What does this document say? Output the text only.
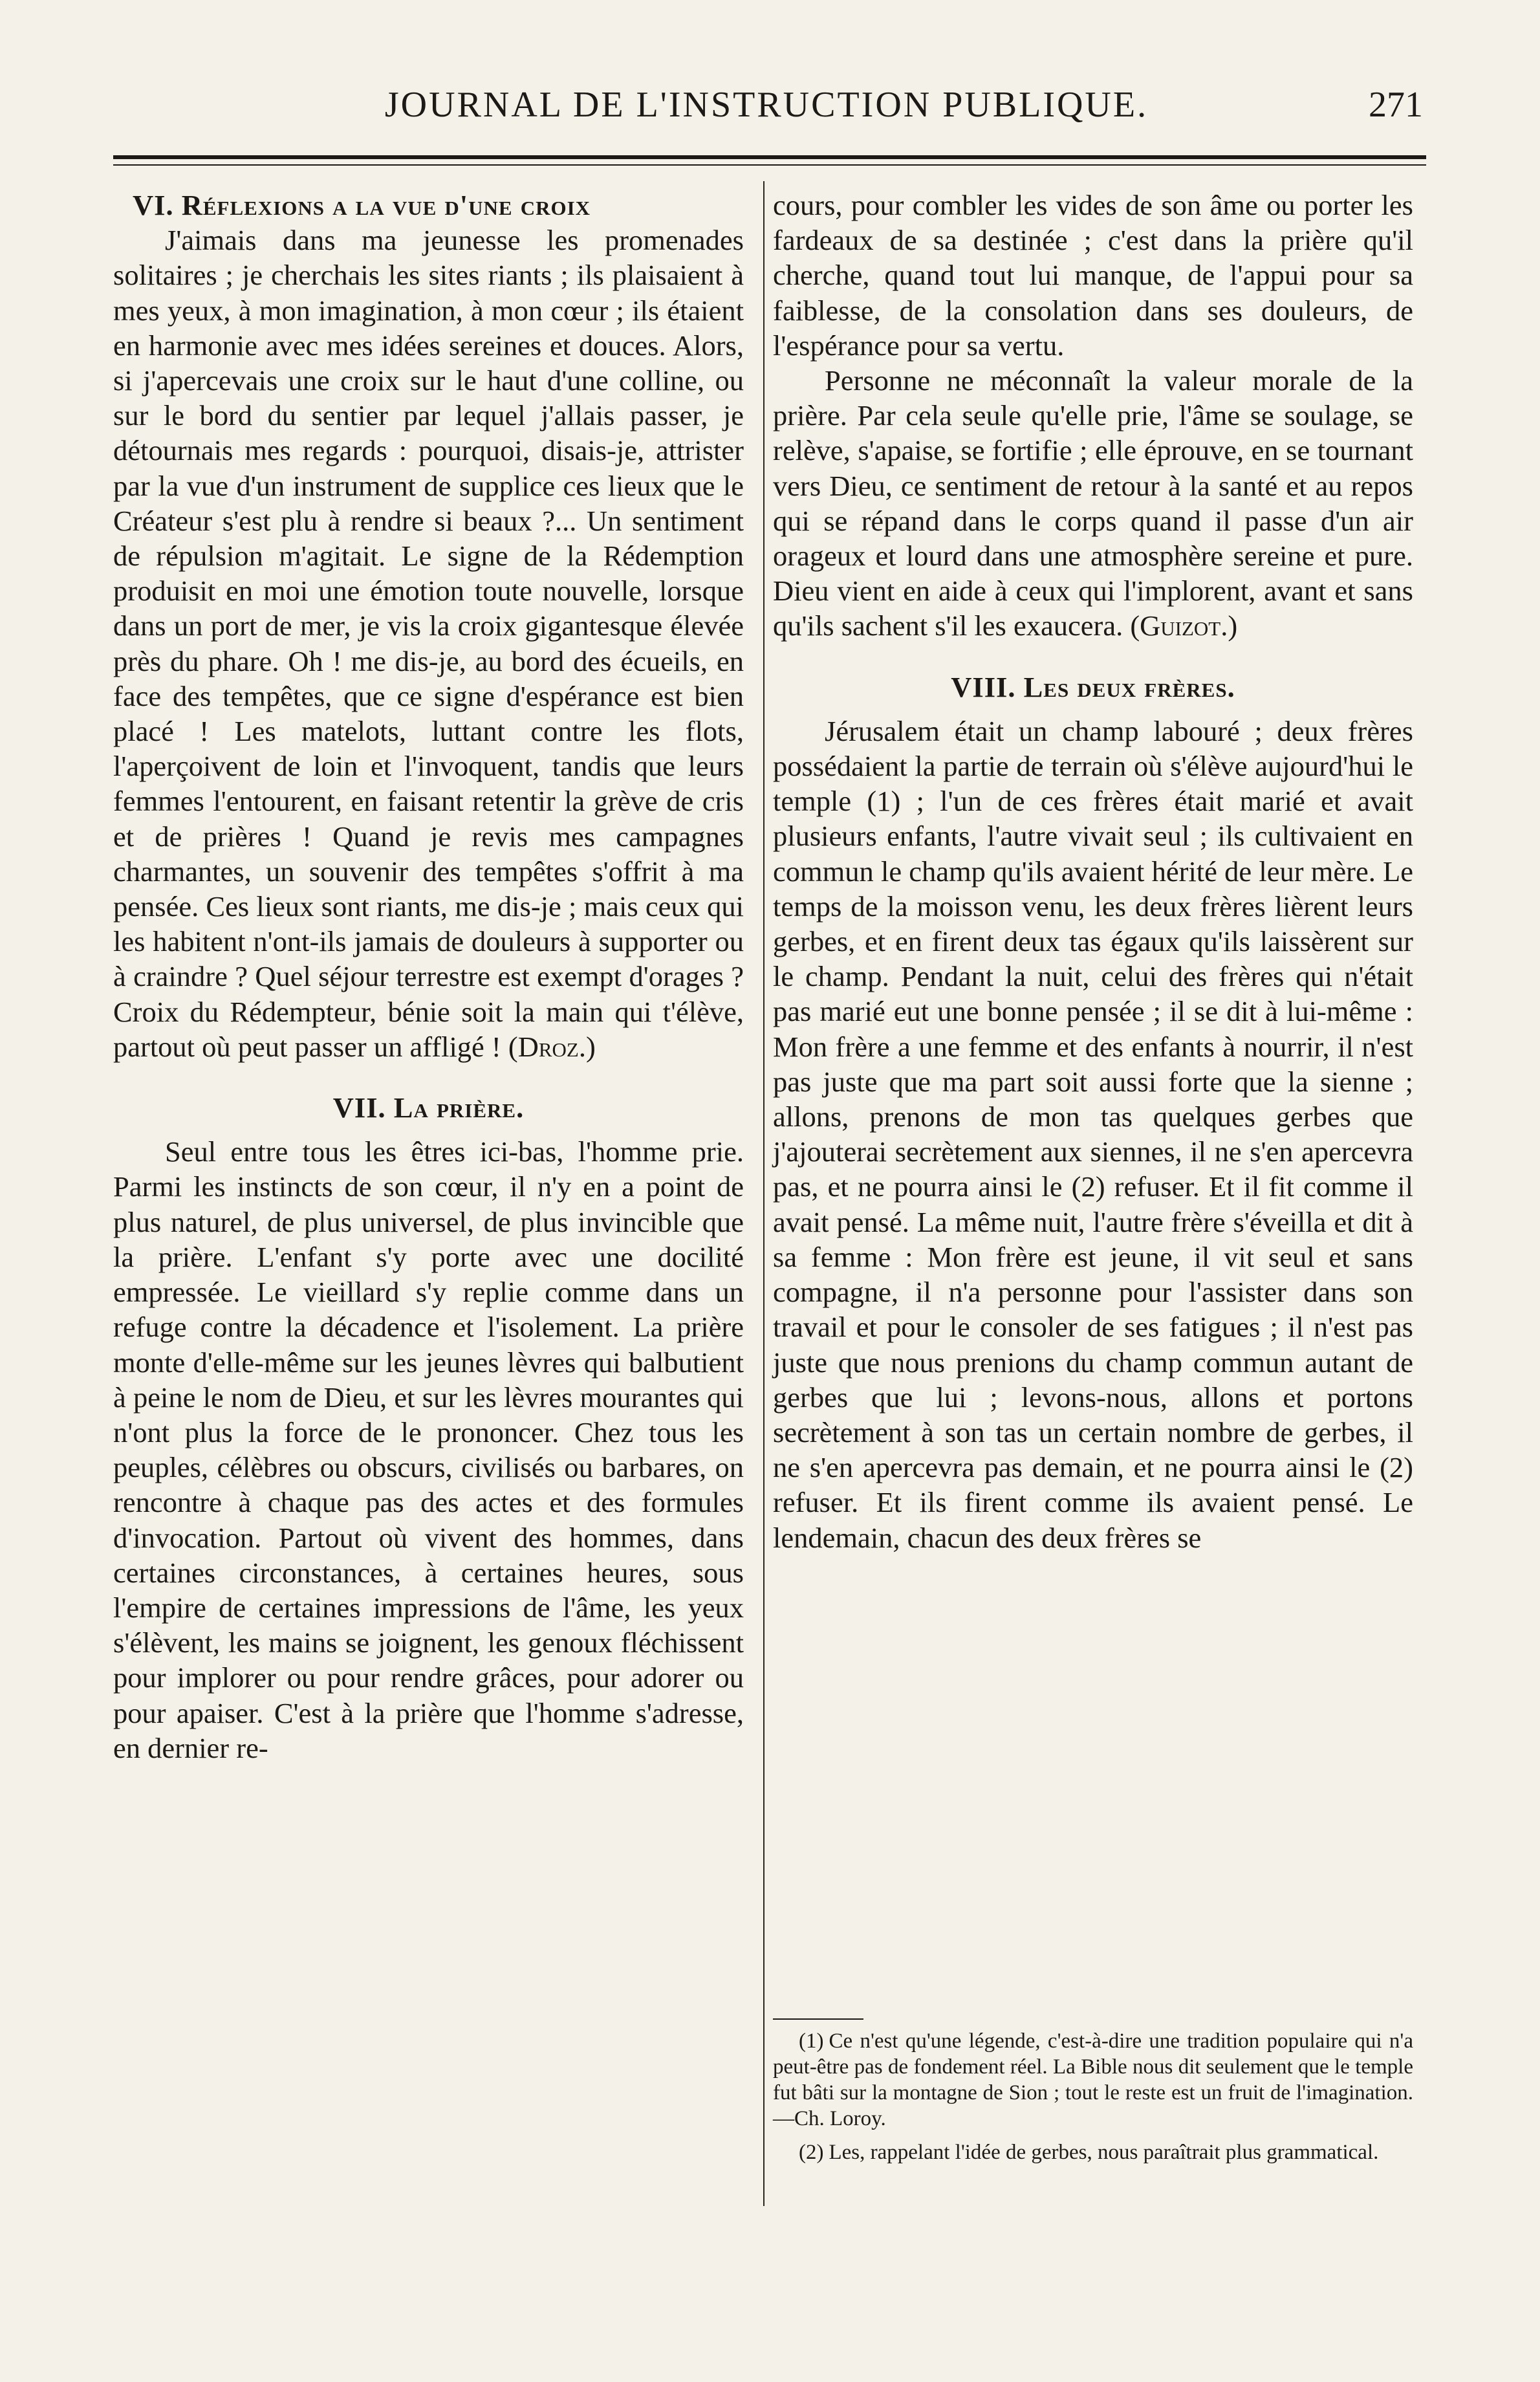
JOURNAL DE L'INSTRUCTION PUBLIQUE.	271
VI. Réflexions a la vue d'une croix

J'aimais dans ma jeunesse les promenades solitaires ; je cherchais les sites riants ; ils plaisaient à mes yeux, à mon imagination, à mon cœur ; ils étaient en harmonie avec mes idées sereines et douces. Alors, si j'apercevais une croix sur le haut d'une colline, ou sur le bord du sentier par lequel j'allais passer, je détournais mes regards : pourquoi, disais-je, attrister par la vue d'un instrument de supplice ces lieux que le Créateur s'est plu à rendre si beaux ?... Un sentiment de répulsion m'agitait. Le signe de la Rédemption produisit en moi une émotion toute nouvelle, lorsque dans un port de mer, je vis la croix gigantesque élevée près du phare. Oh ! me dis-je, au bord des écueils, en face des tempêtes, que ce signe d'espérance est bien placé ! Les matelots, luttant contre les flots, l'aperçoivent de loin et l'invoquent, tandis que leurs femmes l'entourent, en faisant retentir la grève de cris et de prières ! Quand je revis mes campagnes charmantes, un souvenir des tempêtes s'offrit à ma pensée. Ces lieux sont riants, me dis-je ; mais ceux qui les habitent n'ont-ils jamais de douleurs à supporter ou à craindre ? Quel séjour terrestre est exempt d'orages ? Croix du Rédempteur, bénie soit la main qui t'élève, partout où peut passer un affligé ! (Droz.)

VII. La prière.

Seul entre tous les êtres ici-bas, l'homme prie. Parmi les instincts de son cœur, il n'y en a point de plus naturel, de plus universel, de plus invincible que la prière. L'enfant s'y porte avec une docilité empressée. Le vieillard s'y replie comme dans un refuge contre la décadence et l'isolement. La prière monte d'elle-même sur les jeunes lèvres qui balbutient à peine le nom de Dieu, et sur les lèvres mourantes qui n'ont plus la force de le prononcer. Chez tous les peuples, célèbres ou obscurs, civilisés ou barbares, on rencontre à chaque pas des actes et des formules d'invocation. Partout où vivent des hommes, dans certaines circonstances, à certaines heures, sous l'empire de certaines impressions de l'âme, les yeux s'élèvent, les mains se joignent, les genoux fléchissent pour implorer ou pour rendre grâces, pour adorer ou pour apaiser. C'est à la prière que l'homme s'adresse, en dernier re-

cours, pour combler les vides de son âme ou porter les fardeaux de sa destinée ; c'est dans la prière qu'il cherche, quand tout lui manque, de l'appui pour sa faiblesse, de la consolation dans ses douleurs, de l'espérance pour sa vertu.

Personne ne méconnaît la valeur morale de la prière. Par cela seule qu'elle prie, l'âme se soulage, se relève, s'apaise, se fortifie ; elle éprouve, en se tournant vers Dieu, ce sentiment de retour à la santé et au repos qui se répand dans le corps quand il passe d'un air orageux et lourd dans une atmosphère sereine et pure. Dieu vient en aide à ceux qui l'implorent, avant et sans qu'ils sachent s'il les exaucera. (Guizot.)

VIII. Les deux frères.

Jérusalem était un champ labouré ; deux frères possédaient la partie de terrain où s'élève aujourd'hui le temple (1) ; l'un de ces frères était marié et avait plusieurs enfants, l'autre vivait seul ; ils cultivaient en commun le champ qu'ils avaient hérité de leur mère. Le temps de la moisson venu, les deux frères lièrent leurs gerbes, et en firent deux tas égaux qu'ils laissèrent sur le champ. Pendant la nuit, celui des frères qui n'était pas marié eut une bonne pensée ; il se dit à lui-même : Mon frère a une femme et des enfants à nourrir, il n'est pas juste que ma part soit aussi forte que la sienne ; allons, prenons de mon tas quelques gerbes que j'ajouterai secrètement aux siennes, il ne s'en apercevra pas, et ne pourra ainsi le (2) refuser. Et il fit comme il avait pensé. La même nuit, l'autre frère s'éveilla et dit à sa femme : Mon frère est jeune, il vit seul et sans compagne, il n'a personne pour l'assister dans son travail et pour le consoler de ses fatigues ; il n'est pas juste que nous prenions du champ commun autant de gerbes que lui ; levons-nous, allons et portons secrètement à son tas un certain nombre de gerbes, il ne s'en apercevra pas demain, et ne pourra ainsi le (2) refuser. Et ils firent comme ils avaient pensé. Le lendemain, chacun des deux frères se

(1) Ce n'est qu'une légende, c'est-à-dire une tradition populaire qui n'a peut-être pas de fondement réel. La Bible nous dit seulement que le temple fut bâti sur la montagne de Sion ; tout le reste est un fruit de l'imagination.—Ch. Loroy.

(2) Les, rappelant l'idée de gerbes, nous paraîtrait plus grammatical.
